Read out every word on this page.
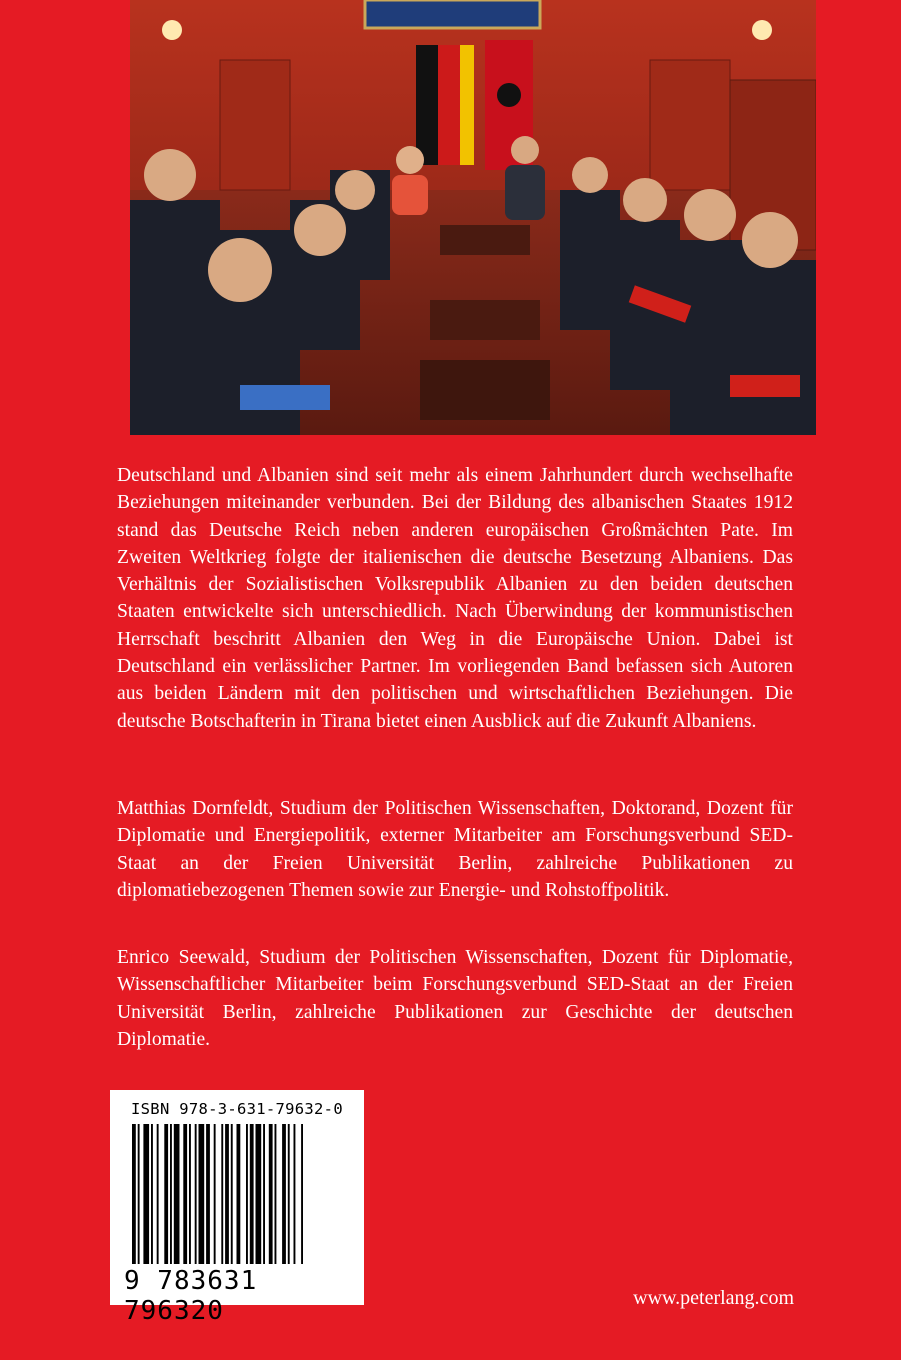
Deutschland und Albanien sind seit mehr als einem Jahrhundert durch wechselhafte Beziehungen miteinander verbunden. Bei der Bildung des albanischen Staates 1912 stand das Deutsche Reich neben anderen europäischen Großmächten Pate. Im Zweiten Weltkrieg folgte der italienischen die deutsche Besetzung Albaniens. Das Verhältnis der Sozialistischen Volksrepublik Albanien zu den beiden deutschen Staaten entwickelte sich unterschiedlich. Nach Überwindung der kommunistischen Herrschaft beschritt Albanien den Weg in die Europäische Union. Dabei ist Deutschland ein verlässlicher Partner. Im vorliegenden Band befassen sich Autoren aus beiden Ländern mit den politischen und wirtschaftlichen Beziehungen. Die deutsche Botschafterin in Tirana bietet einen Ausblick auf die Zukunft Albaniens.

Matthias Dornfeldt, Studium der Politischen Wissenschaften, Doktorand, Dozent für Diplomatie und Energiepolitik, externer Mitarbeiter am Forschungsverbund SED-Staat an der Freien Universität Berlin, zahlreiche Publikationen zu diplomatiebezogenen Themen sowie zur Energie- und Rohstoffpolitik.

Enrico Seewald, Studium der Politischen Wissenschaften, Dozent für Diplomatie, Wissenschaftlicher Mitarbeiter beim Forschungsverbund SED-Staat an der Freien Universität Berlin, zahlreiche Publikationen zur Geschichte der deutschen Diplomatie.

ISBN 978-3-631-79632-0
9 783631 796320	www.peterlang.com
